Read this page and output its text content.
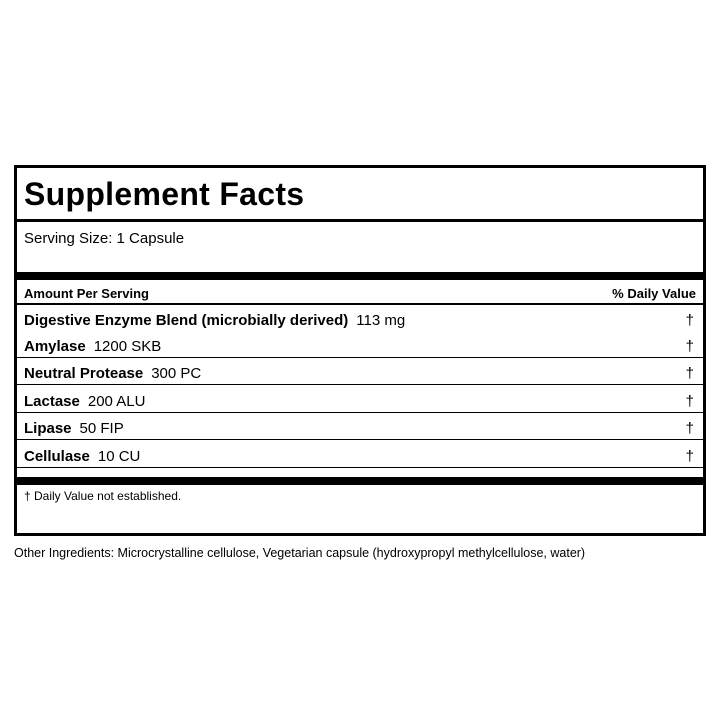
Supplement Facts
Serving Size: 1 Capsule
Amount Per Serving	% Daily Value
Digestive Enzyme Blend (microbially derived) 113 mg	†
Amylase 1200 SKB	†
Neutral Protease 300 PC	†
Lactase 200 ALU	†
Lipase 50 FIP	†
Cellulase 10 CU	†
† Daily Value not established.
Other Ingredients: Microcrystalline cellulose, Vegetarian capsule (hydroxypropyl methylcellulose, water)
